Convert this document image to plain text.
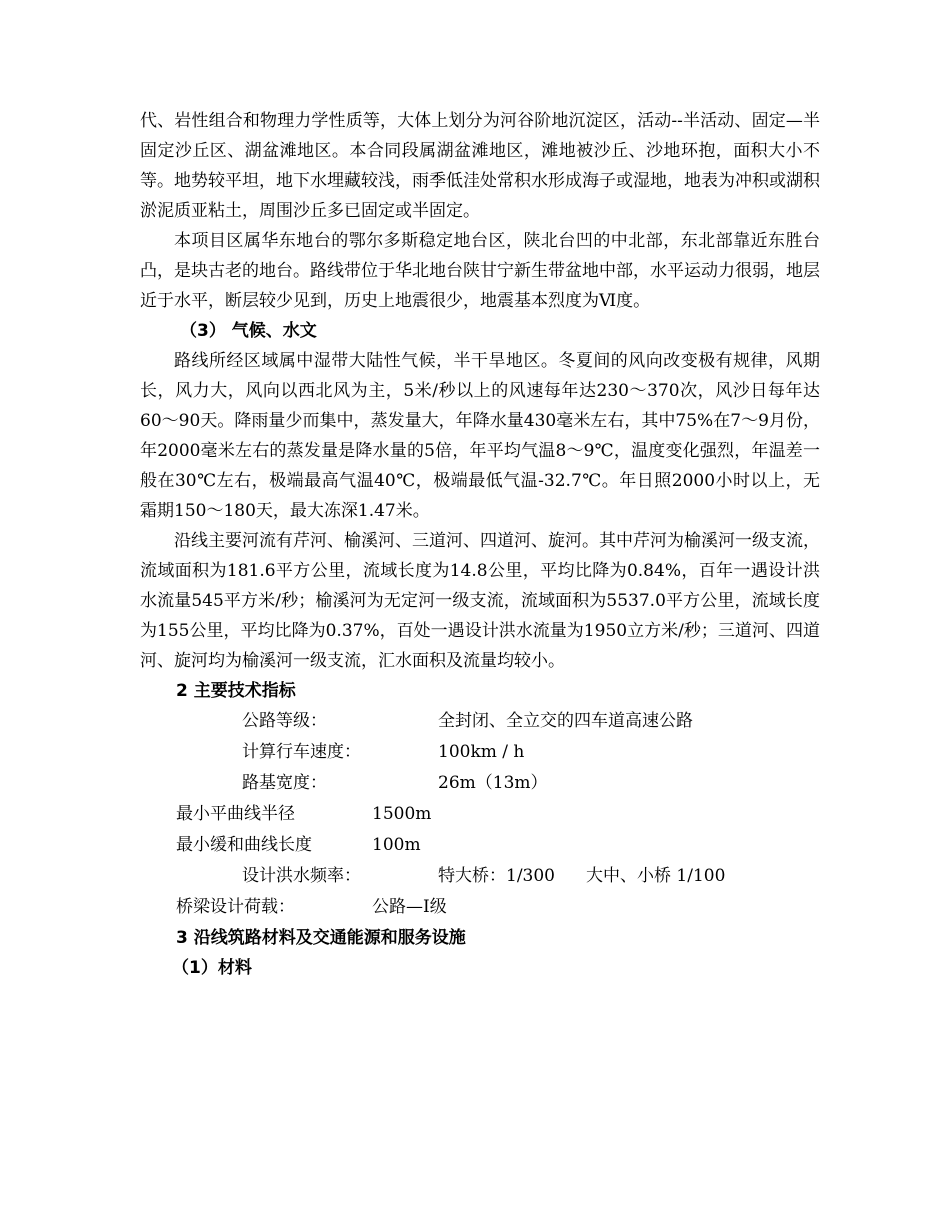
代、岩性组合和物理力学性质等，大体上划分为河谷阶地沉淀区，活动--半活动、固定—半固定沙丘区、湖盆滩地区。本合同段属湖盆滩地区，滩地被沙丘、沙地环抱，面积大小不等。地势较平坦，地下水埋藏较浅，雨季低洼处常积水形成海子或湿地，地表为冲积或湖积淤泥质亚粘土，周围沙丘多已固定或半固定。

本项目区属华东地台的鄂尔多斯稳定地台区，陕北台凹的中北部，东北部靠近东胜台凸，是块古老的地台。路线带位于华北地台陕甘宁新生带盆地中部，水平运动力很弱，地层近于水平，断层较少见到，历史上地震很少，地震基本烈度为Ⅵ度。

（3） 气候、水文

路线所经区域属中湿带大陆性气候，半干旱地区。冬夏间的风向改变极有规律，风期长，风力大，风向以西北风为主，5米/秒以上的风速每年达230～370次，风沙日每年达60～90天。降雨量少而集中，蒸发量大，年降水量430毫米左右，其中75%在7～9月份，年2000毫米左右的蒸发量是降水量的5倍，年平均气温8～9℃，温度变化强烈，年温差一般在30℃左右，极端最高气温40℃，极端最低气温-32.7℃。年日照2000小时以上，无霜期150～180天，最大冻深1.47米。

沿线主要河流有芹河、榆溪河、三道河、四道河、旋河。其中芹河为榆溪河一级支流，流域面积为181.6平方公里，流域长度为14.8公里，平均比降为0.84%，百年一遇设计洪水流量545平方米/秒；榆溪河为无定河一级支流，流域面积为5537.0平方公里，流域长度为155公里，平均比降为0.37%，百处一遇设计洪水流量为1950立方米/秒；三道河、四道河、旋河均为榆溪河一级支流，汇水面积及流量均较小。

2 主要技术指标

公路等级：	全封闭、全立交的四车道高速公路
计算行车速度：	100km / h
路基宽度：	26m（13m）
最小平曲线半径	1500m
最小缓和曲线长度	100m
设计洪水频率：	特大桥：1/300 大中、小桥 1/100
桥梁设计荷载：	公路—Ⅰ级

3 沿线筑路材料及交通能源和服务设施

（1）材料
